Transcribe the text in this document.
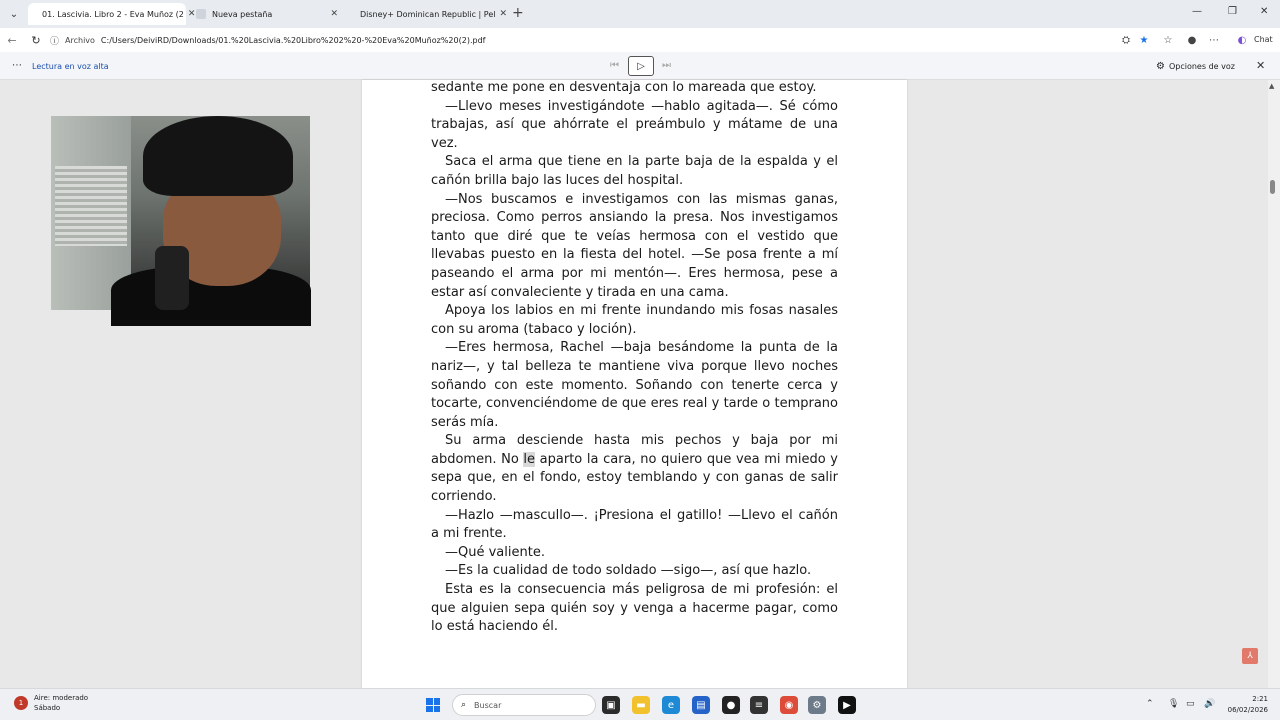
⌄	01. Lascivia. Libro 2 - Eva Muñoz (2 ✕ Nueva pestaña	✕	Disney+ Dominican Republic | Pel ✕ +	—	❐ ✕
←	↻	ⓘ Archivo C:/Users/DeiviRD/Downloads/01.%20Lascivia.%20Libro%202%20-%20Eva%20Muñoz%20(2).pdf	⛭ ★ ☆ ● ⋯ ◐ Chat
⋯ Lectura en voz alta	⏮	⏭	⚙ Opciones de voz ✕
▷

sedante me pone en desventaja con lo mareada que estoy.

—Llevo meses investigándote —hablo agitada—. Sé cómo trabajas, así que ahórrate el preámbulo y mátame de una vez.

Saca el arma que tiene en la parte baja de la espalda y el cañón brilla bajo las luces del hospital.

—Nos buscamos e investigamos con las mismas ganas, preciosa. Como perros ansiando la presa. Nos investigamos tanto que diré que te veías hermosa con el vestido que llevabas puesto en la fiesta del hotel. —Se posa frente a mí paseando el arma por mi mentón—. Eres hermosa, pese a estar así convaleciente y tirada en una cama.

Apoya los labios en mi frente inundando mis fosas nasales con su aroma (tabaco y loción).

—Eres hermosa, Rachel —baja besándome la punta de la nariz—, y tal belleza te mantiene viva porque llevo noches soñando con este momento. Soñando con tenerte cerca y tocarte, convenciéndome de que eres real y tarde o temprano serás mía.

Su arma desciende hasta mis pechos y baja por mi abdomen. No le aparto la cara, no quiero que vea mi miedo y sepa que, en el fondo, estoy temblando y con ganas de salir corriendo.

—Hazlo —mascullo—. ¡Presiona el gatillo! —Llevo el cañón a mi frente.

—Qué valiente.

—Es la cualidad de todo soldado —sigo—, así que hazlo.

Esta es la consecuencia más peligrosa de mi profesión: el que alguien sepa quién soy y venga a hacerme pagar, como lo está haciendo él.

▲
⅄
1
Aire: moderado
Sábado	⌕ Buscar	▣	▬	e	▤	●	≡	◉	⚙	▶	⌃ 🎙 ▭ 🔊	2:21
06/02/2026
